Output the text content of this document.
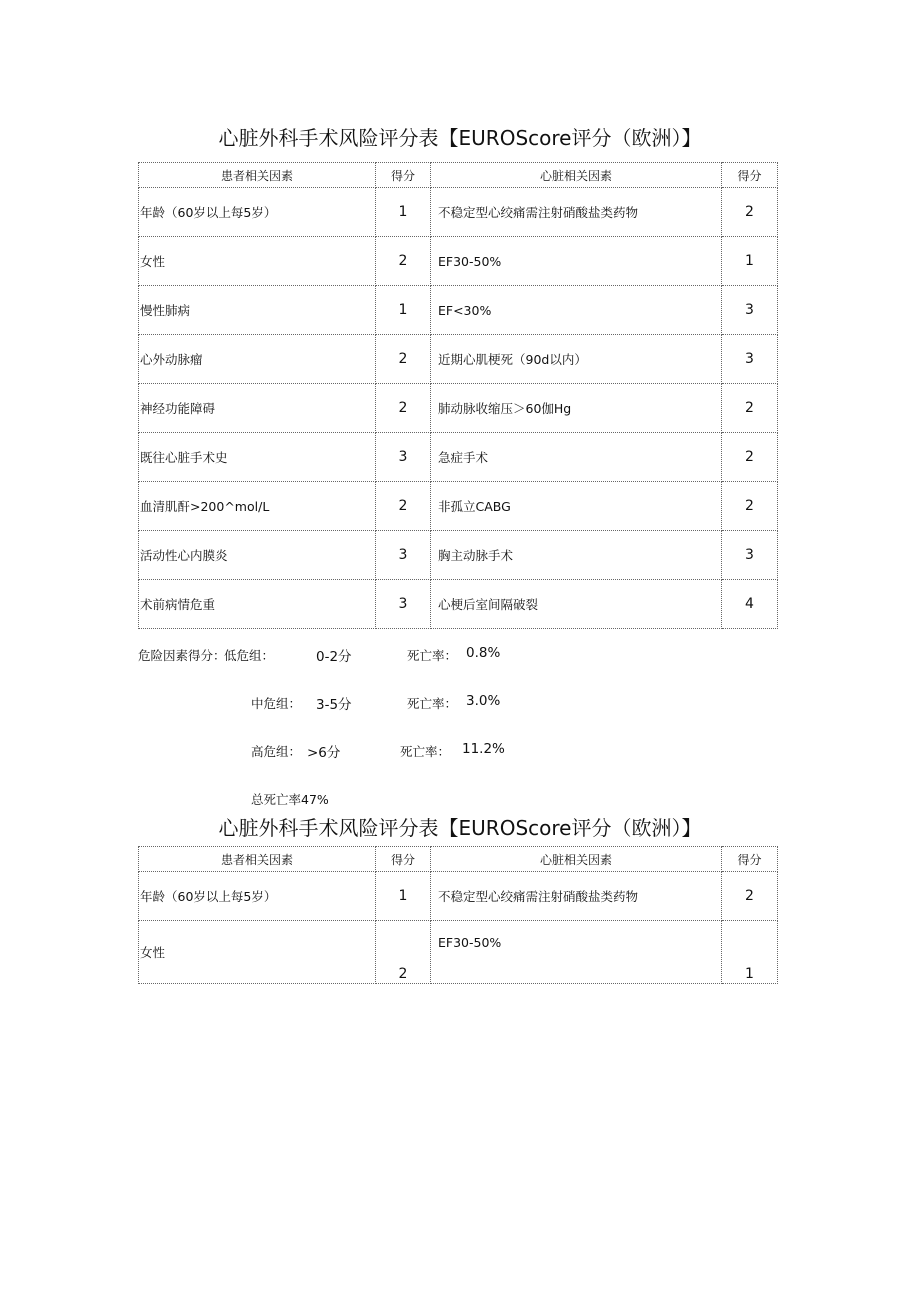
心脏外科手术风险评分表【EUROScore评分（欧洲）】
患者相关因素	得分	心脏相关因素	得分
年龄（60岁以上每5岁）	1	不稳定型心绞痛需注射硝酸盐类药物	2
女性	2	EF30-50%	1
慢性肺病	1	EF<30%	3
心外动脉瘤	2	近期心肌梗死（90d以内）	3
神经功能障碍	2	肺动脉收缩压＞60伽Hg	2
既往心脏手术史	3	急症手术	2
血清肌酐>200^mol/L	2	非孤立CABG	2
活动性心内膜炎	3	胸主动脉手术	3
术前病情危重	3	心梗后室间隔破裂	4
危险因素得分：
低危组：	0-2分	死亡率： 0.8%
中危组： 3-5分	死亡率： 3.0%
高危组： >6分	死亡率： 11.2%
总死亡率47%
心脏外科手术风险评分表【EUROScore评分（欧洲）】
患者相关因素	得分	心脏相关因素	得分
年龄（60岁以上每5岁）	1	不稳定型心绞痛需注射硝酸盐类药物	2
女性	2	EF30-50%	1
